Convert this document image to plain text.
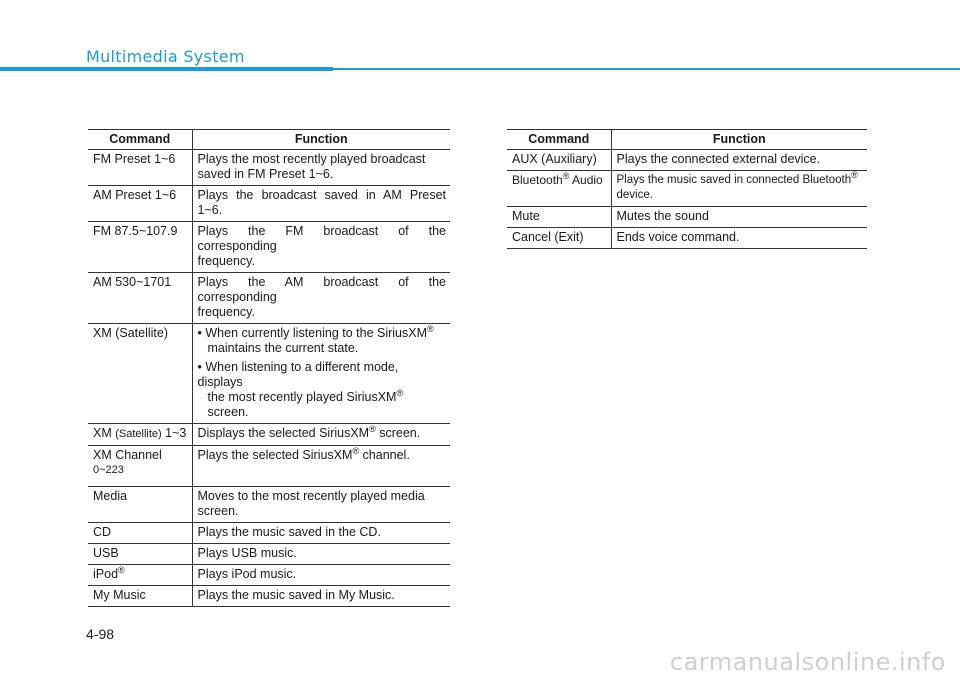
Multimedia System
Command	Function
FM Preset 1~6	Plays the most recently played broadcast
saved in FM Preset 1~6.

AM Preset 1~6	Plays the broadcast saved in AM Preset 1~6.
FM 87.5~107.9	Plays the FM broadcast of the corresponding
frequency.

AM 530~1701	Plays the AM broadcast of the corresponding
frequency.

XM (Satellite)	• When currently listening to the SiriusXM®
maintains the current state.
• When listening to a different mode, displays
the most recently played SiriusXM® screen.

XM (Satellite) 1~3	Displays the selected SiriusXM® screen.

XM Channel
0~223	Plays the selected SiriusXM® channel.
Media	Moves to the most recently played media
screen.

CD	Plays the music saved in the CD.
USB	Plays USB music.
iPod®	Plays iPod music.
My Music	Plays the music saved in My Music.
Command	Function
AUX (Auxiliary)	Plays the connected external device.
Bluetooth® Audio	Plays the music saved in connected Bluetooth®
device.

Mute	Mutes the sound
Cancel (Exit)	Ends voice command.
4-98
carmanualsonline.info
